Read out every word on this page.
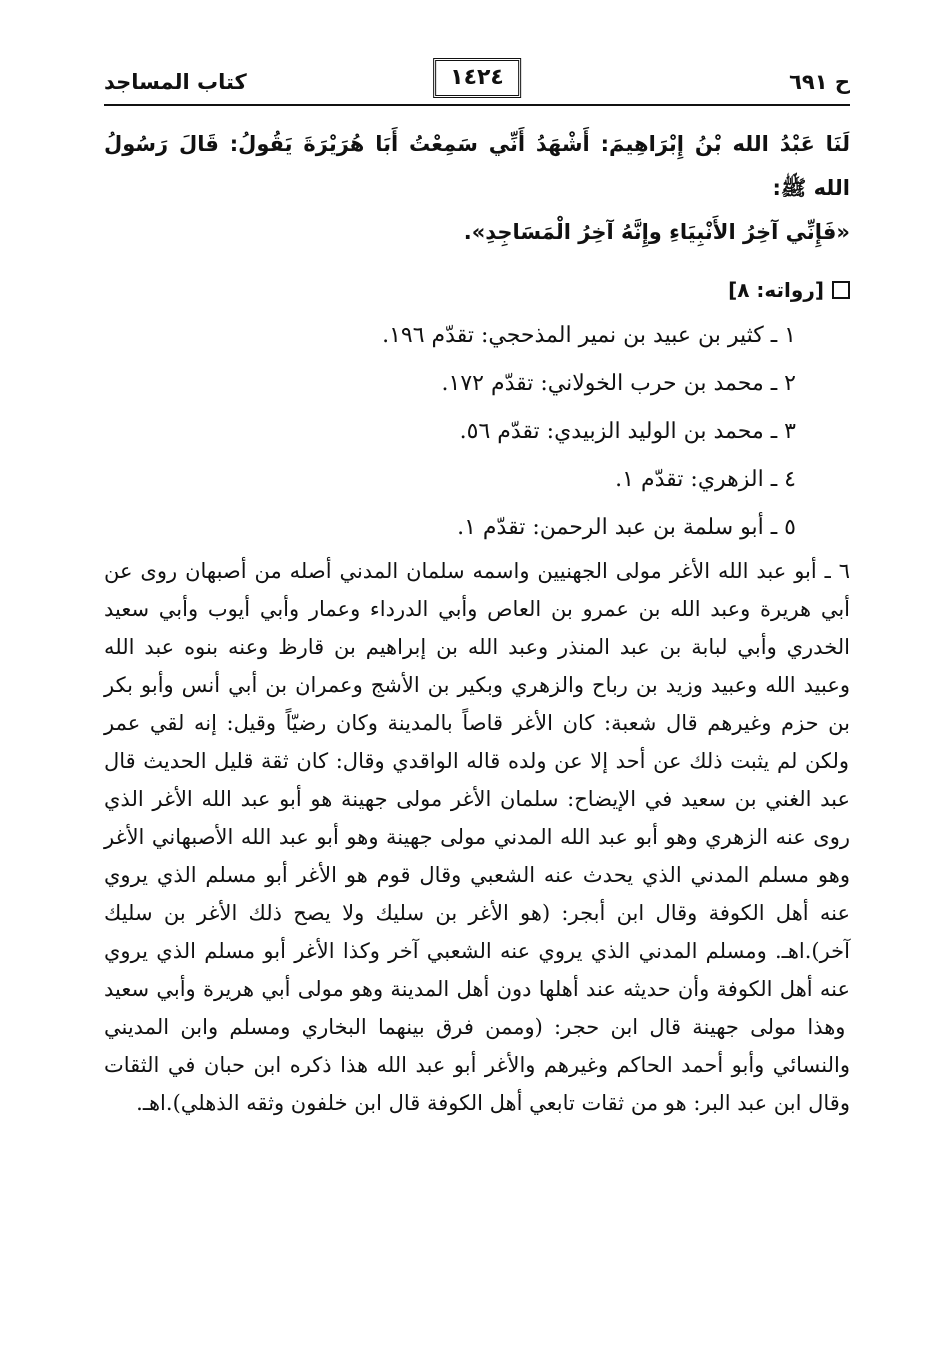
ح ٦٩١
١٤٢٤
كتاب المساجد

لَنَا عَبْدُ الله بْنُ إِبْرَاهِيمَ: أَشْهَدُ أَنِّي سَمِعْتُ أَبَا هُرَيْرَةَ يَقُولُ: قَالَ رَسُولُ الله ﷺ:

«فَإِنِّي آخِرُ الأَنْبِيَاءِ وإِنَّهُ آخِرُ الْمَسَاجِدِ».

[رواته: ٨]
١ ـ كثير بن عبيد بن نمير المذحجي: تقدّم ١٩٦.
٢ ـ محمد بن حرب الخولاني: تقدّم ١٧٢.
٣ ـ محمد بن الوليد الزبيدي: تقدّم ٥٦.
٤ ـ الزهري: تقدّم ١.
٥ ـ أبو سلمة بن عبد الرحمن: تقدّم ١.
٦ ـ أبو عبد الله الأغر مولى الجهنيين واسمه سلمان المدني أصله من أصبهان روى عن أبي هريرة وعبد الله بن عمرو بن العاص وأبي الدرداء وعمار وأبي أيوب وأبي سعيد الخدري وأبي لبابة بن عبد المنذر وعبد الله بن إبراهيم بن قارظ وعنه بنوه عبد الله وعبيد الله وعبيد وزيد بن رباح والزهري وبكير بن الأشج وعمران بن أبي أنس وأبو بكر بن حزم وغيرهم قال شعبة: كان الأغر قاصاً بالمدينة وكان رضيّاً وقيل: إنه لقي عمر ولكن لم يثبت ذلك عن أحد إلا عن ولده قاله الواقدي وقال: كان ثقة قليل الحديث قال عبد الغني بن سعيد في الإيضاح: سلمان الأغر مولى جهينة هو أبو عبد الله الأغر الذي روى عنه الزهري وهو أبو عبد الله المدني مولى جهينة وهو أبو عبد الله الأصبهاني الأغر وهو مسلم المدني الذي يحدث عنه الشعبي وقال قوم هو الأغر أبو مسلم الذي يروي عنه أهل الكوفة وقال ابن أبجر: (هو الأغر بن سليك ولا يصح ذلك الأغر بن سليك آخر).اهـ. ومسلم المدني الذي يروي عنه الشعبي آخر وكذا الأغر أبو مسلم الذي يروي عنه أهل الكوفة وأن حديثه عند أهلها دون أهل المدينة وهو مولى أبي هريرة وأبي سعيد وهذا مولى جهينة قال ابن حجر: (وممن فرق بينهما البخاري ومسلم وابن المديني والنسائي وأبو أحمد الحاكم وغيرهم والأغر أبو عبد الله هذا ذكره ابن حبان في الثقات وقال ابن عبد البر: هو من ثقات تابعي أهل الكوفة قال ابن خلفون وثقه الذهلي).اهـ.
